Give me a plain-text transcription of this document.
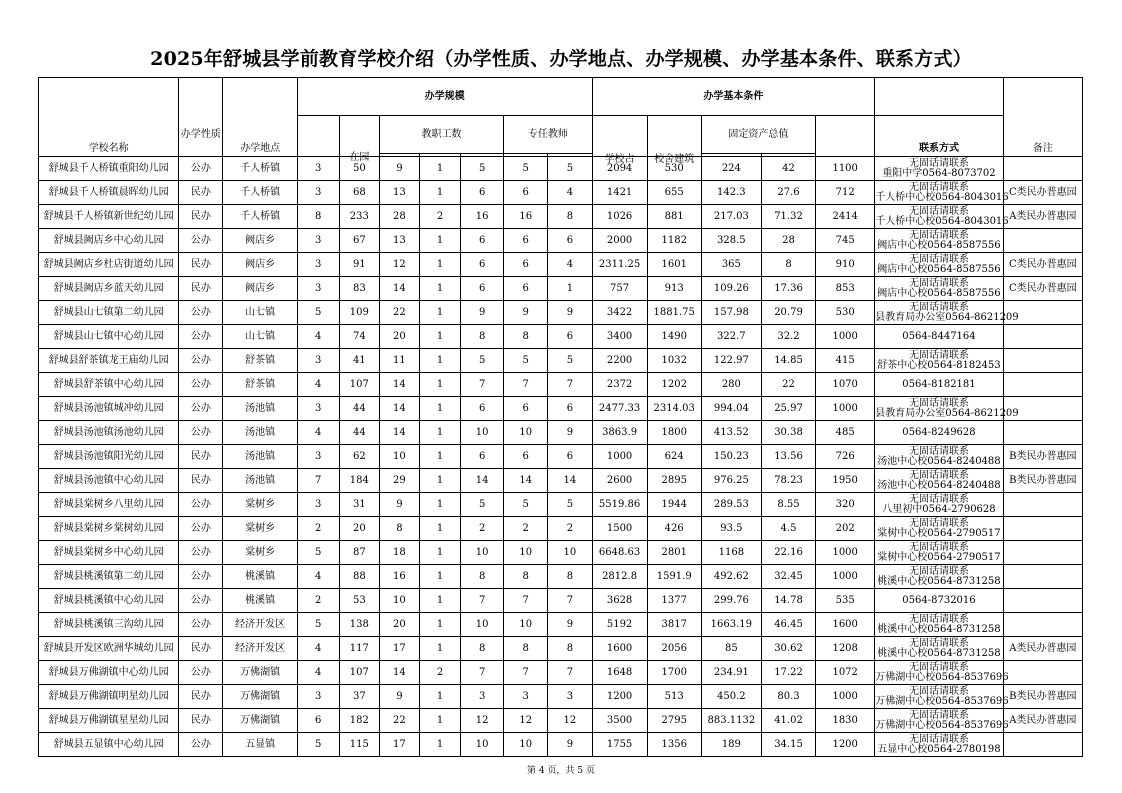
2025年舒城县学前教育学校介绍（办学性质、办学地点、办学规模、办学基本条件、联系方式）
学校名称	办学性质	办学地点	办学规模							办学基本条件						备注

				在园	教职工数			专任教师		学校占	校舍建筑	固定资产总值			联系方式	

舒城县千人桥镇重阳幼儿园	公办	千人桥镇	3	50	9	1	5	5	5	2094	530	224	42	1100	无固话请联系
重阳中学0564-8073702	

舒城县千人桥镇晨晖幼儿园	民办	千人桥镇	3	68	13	1	6	6	4	1421	655	142.3	27.6	712	无固话请联系
千人桥中心校0564-8043016	C类民办普惠园
舒城县千人桥镇新世纪幼儿园	民办	千人桥镇	8	233	28	2	16	16	8	1026	881	217.03	71.32	2414	无固话请联系
千人桥中心校0564-8043016	A类民办普惠园
舒城县阙店乡中心幼儿园	公办	阙店乡	3	67	13	1	6	6	6	2000	1182	328.5	28	745	无固话请联系
阙店中心校0564-8587556	

舒城县阙店乡杜店街道幼儿园	民办	阙店乡	3	91	12	1	6	6	4	2311.25	1601	365	8	910	无固话请联系
阙店中心校0564-8587556	C类民办普惠园
舒城县阙店乡蓝天幼儿园	民办	阙店乡	3	83	14	1	6	6	1	757	913	109.26	17.36	853	无固话请联系
阙店中心校0564-8587556	C类民办普惠园
舒城县山七镇第二幼儿园	公办	山七镇	5	109	22	1	9	9	9	3422	1881.75	157.98	20.79	530	无固话请联系
县教育局办公室0564-8621209	

舒城县山七镇中心幼儿园	公办	山七镇	4	74	20	1	8	8	6	3400	1490	322.7	32.2	1000	0564-8447164	

舒城县舒茶镇龙王庙幼儿园	公办	舒茶镇	3	41	11	1	5	5	5	2200	1032	122.97	14.85	415	无固话请联系
舒茶中心校0564-8182453	

舒城县舒茶镇中心幼儿园	公办	舒茶镇	4	107	14	1	7	7	7	2372	1202	280	22	1070	0564-8182181	

舒城县汤池镇城冲幼儿园	公办	汤池镇	3	44	14	1	6	6	6	2477.33	2314.03	994.04	25.97	1000	无固话请联系
县教育局办公室0564-8621209	

舒城县汤池镇汤池幼儿园	公办	汤池镇	4	44	14	1	10	10	9	3863.9	1800	413.52	30.38	485	0564-8249628	

舒城县汤池镇阳光幼儿园	民办	汤池镇	3	62	10	1	6	6	6	1000	624	150.23	13.56	726	无固话请联系
汤池中心校0564-8240488	B类民办普惠园
舒城县汤池镇中心幼儿园	民办	汤池镇	7	184	29	1	14	14	14	2600	2895	976.25	78.23	1950	无固话请联系
汤池中心校0564-8240488	B类民办普惠园
舒城县棠树乡八里幼儿园	公办	棠树乡	3	31	9	1	5	5	5	5519.86	1944	289.53	8.55	320	无固话请联系
八里初中0564-2790628	

舒城县棠树乡棠树幼儿园	公办	棠树乡	2	20	8	1	2	2	2	1500	426	93.5	4.5	202	无固话请联系
棠树中心校0564-2790517	

舒城县棠树乡中心幼儿园	公办	棠树乡	5	87	18	1	10	10	10	6648.63	2801	1168	22.16	1000	无固话请联系
棠树中心校0564-2790517	

舒城县桃溪镇第二幼儿园	公办	桃溪镇	4	88	16	1	8	8	8	2812.8	1591.9	492.62	32.45	1000	无固话请联系
桃溪中心校0564-8731258	

舒城县桃溪镇中心幼儿园	公办	桃溪镇	2	53	10	1	7	7	7	3628	1377	299.76	14.78	535	0564-8732016	

舒城县桃溪镇三沟幼儿园	公办	经济开发区	5	138	20	1	10	10	9	5192	3817	1663.19	46.45	1600	无固话请联系
桃溪中心校0564-8731258	

舒城县开发区欧洲华城幼儿园	民办	经济开发区	4	117	17	1	8	8	8	1600	2056	85	30.62	1208	无固话请联系
桃溪中心校0564-8731258	A类民办普惠园
舒城县万佛湖镇中心幼儿园	公办	万佛湖镇	4	107	14	2	7	7	7	1648	1700	234.91	17.22	1072	无固话请联系
万佛湖中心校0564-8537696	

舒城县万佛湖镇明星幼儿园	民办	万佛湖镇	3	37	9	1	3	3	3	1200	513	450.2	80.3	1000	无固话请联系
万佛湖中心校0564-8537696	B类民办普惠园
舒城县万佛湖镇星星幼儿园	民办	万佛湖镇	6	182	22	1	12	12	12	3500	2795	883.1132	41.02	1830	无固话请联系
万佛湖中心校0564-8537696	A类民办普惠园
舒城县五显镇中心幼儿园	公办	五显镇	5	115	17	1	10	10	9	1755	1356	189	34.15	1200	无固话请联系
五显中心校0564-2780198	

第 4 页，共 5 页
